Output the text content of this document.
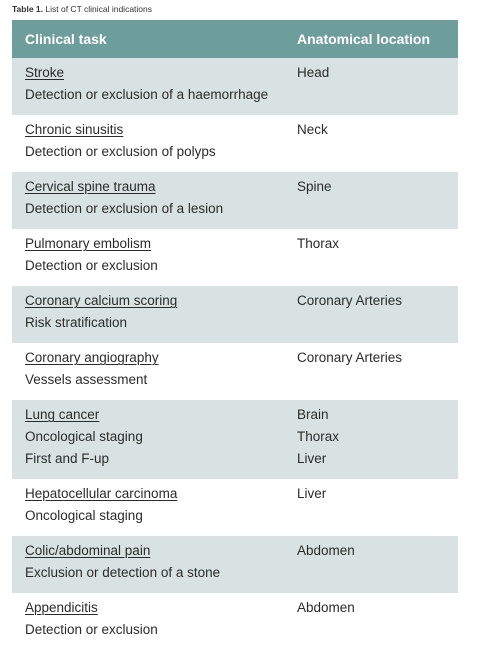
Table 1. List of CT clinical indications
Clinical task	Anatomical location
Stroke
Detection or exclusion of a haemorrhage
Head
Chronic sinusitis
Detection or exclusion of polyps
Neck
Cervical spine trauma
Detection or exclusion of a lesion
Spine
Pulmonary embolism
Detection or exclusion
Thorax
Coronary calcium scoring
Risk stratification
Coronary Arteries
Coronary angiography
Vessels assessment
Coronary Arteries
Lung cancer
Oncological staging
First and F-up
Brain
Thorax
Liver
Hepatocellular carcinoma
Oncological staging
Liver
Colic/abdominal pain
Exclusion or detection of a stone
Abdomen
Appendicitis
Detection or exclusion
Abdomen
